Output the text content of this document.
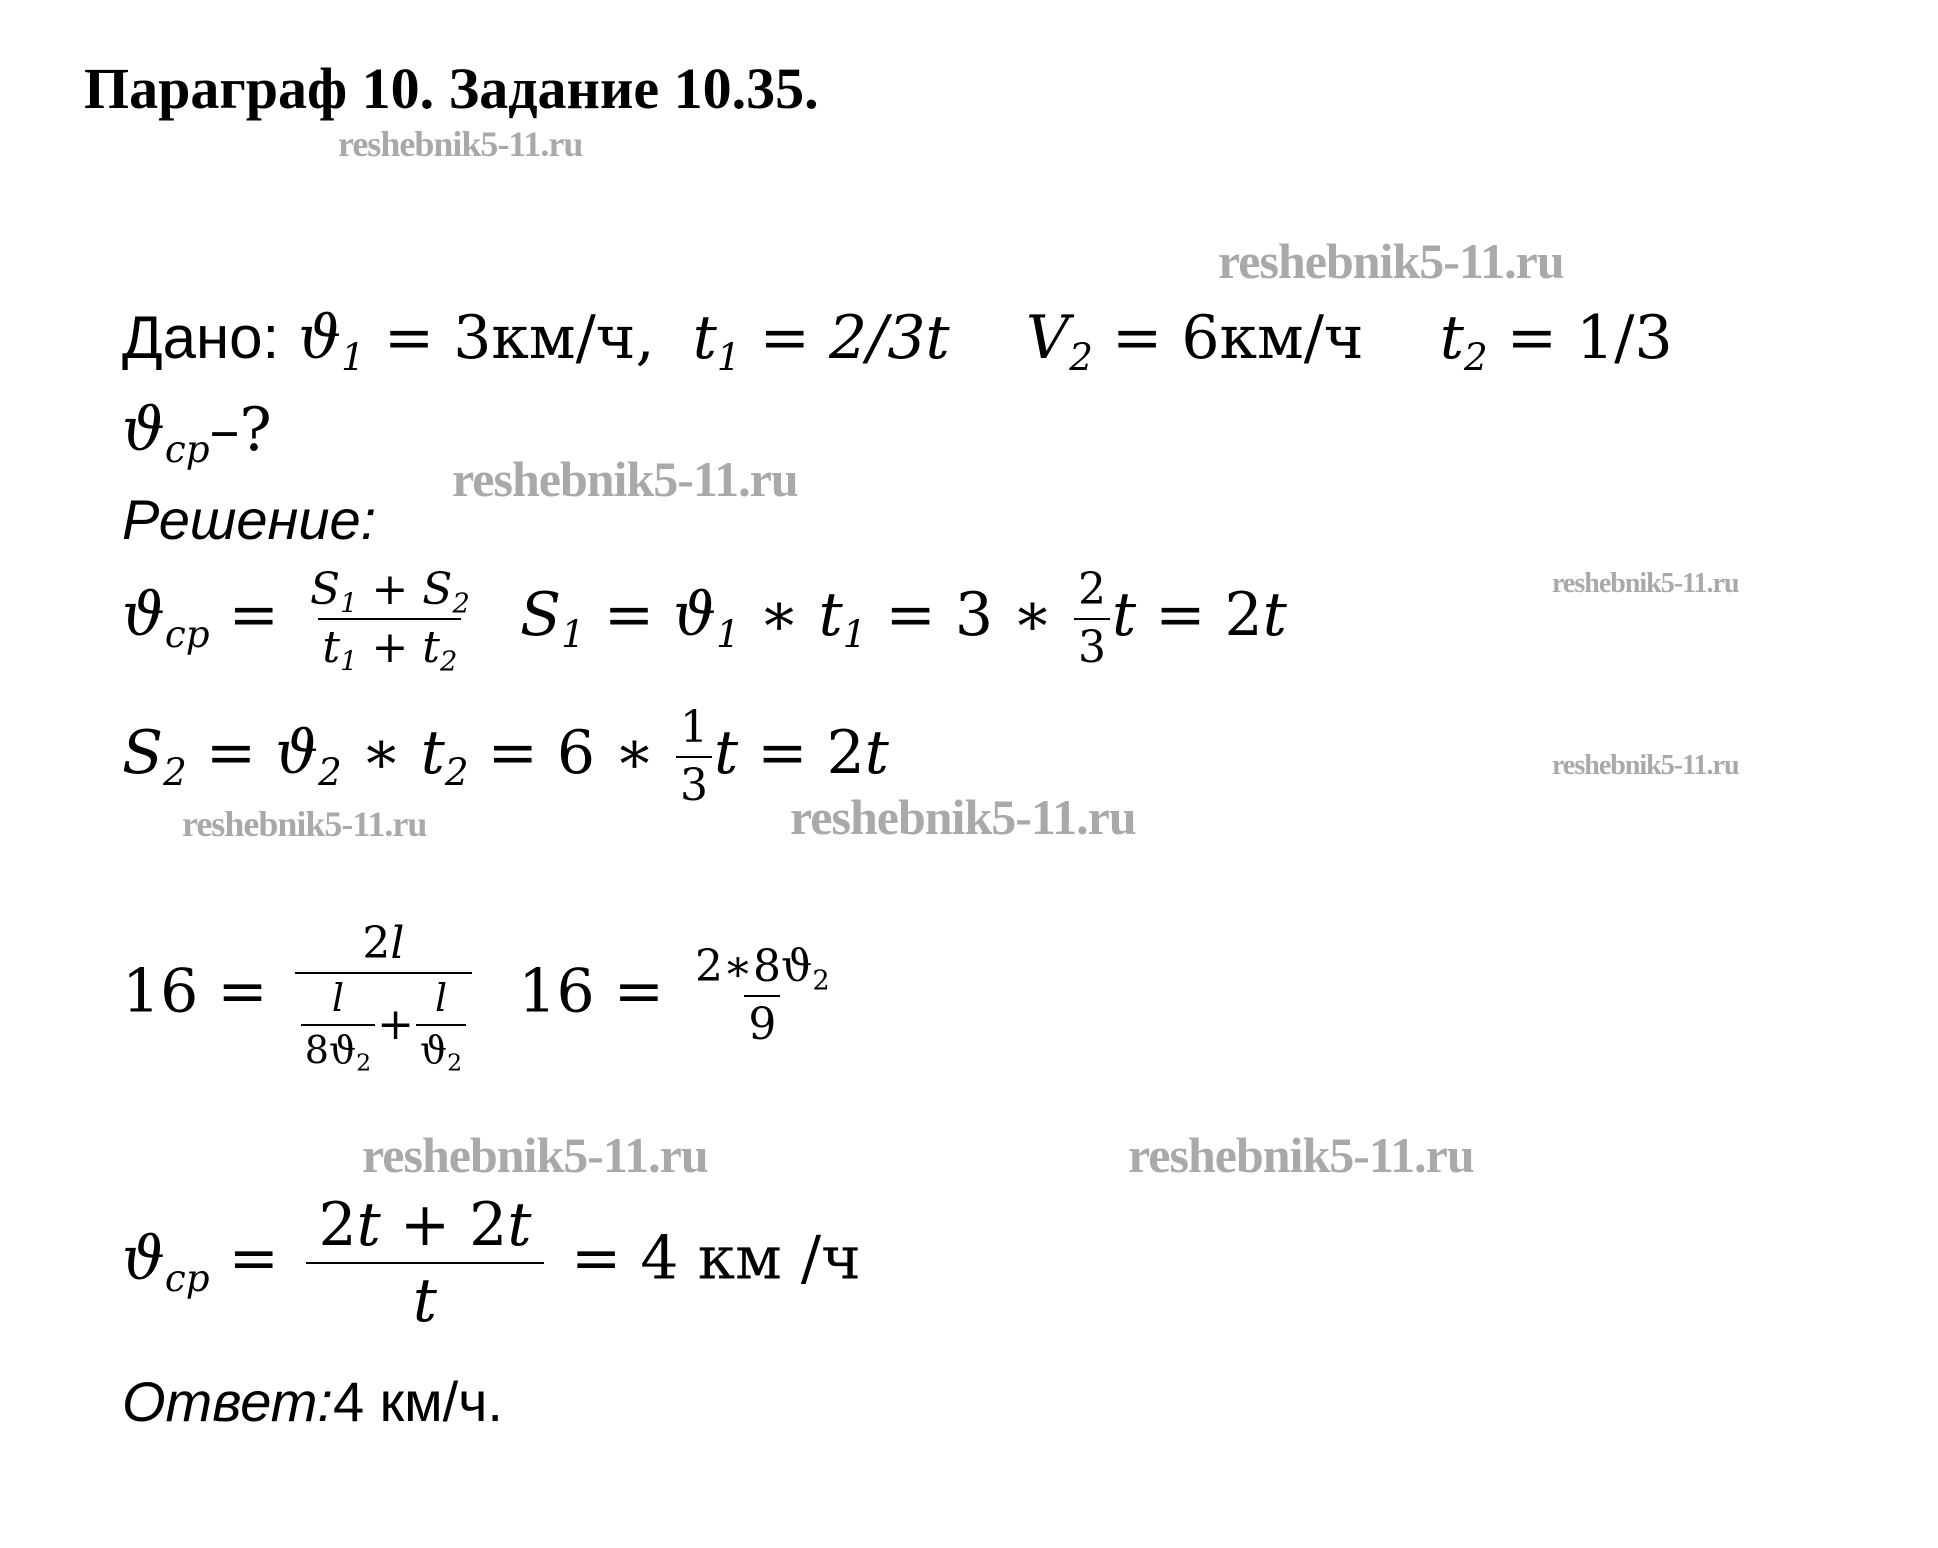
Параграф 10. Задание 10.35.
reshebnik5-11.ru
reshebnik5-11.ru
reshebnik5-11.ru
reshebnik5-11.ru
reshebnik5-11.ru
reshebnik5-11.ru	reshebnik5-11.ru
reshebnik5-11.ru	reshebnik5-11.ru
Дано: $ϑ_1 = 3км/ч$, $t_1 = 2/3t$ $V_2 = 6км/ч$ $t_2 = 1/3$
$ϑ_{cp}-$?
Решение:
$ϑ_{cp} = \frac{S_1 + S_2}{t_1 + t_2} S_1 = ϑ_1$ ∗ $t_1 = 3$ ∗ $\frac{2}{3}$ t = 2t
$S_2 = ϑ_2$ ∗ $t_2 = 6$ ∗ $\frac{1}{3}$ t = 2t
$16 = \frac{2l}{\frac{l}{8ϑ_2} + \frac{l}{ϑ_2}} 16 = \frac{2∗8ϑ_2}{9}$
$ϑ_{cp} = \frac{2t + 2t}{t} = 4$ км /ч
Ответ:4 км/ч.
